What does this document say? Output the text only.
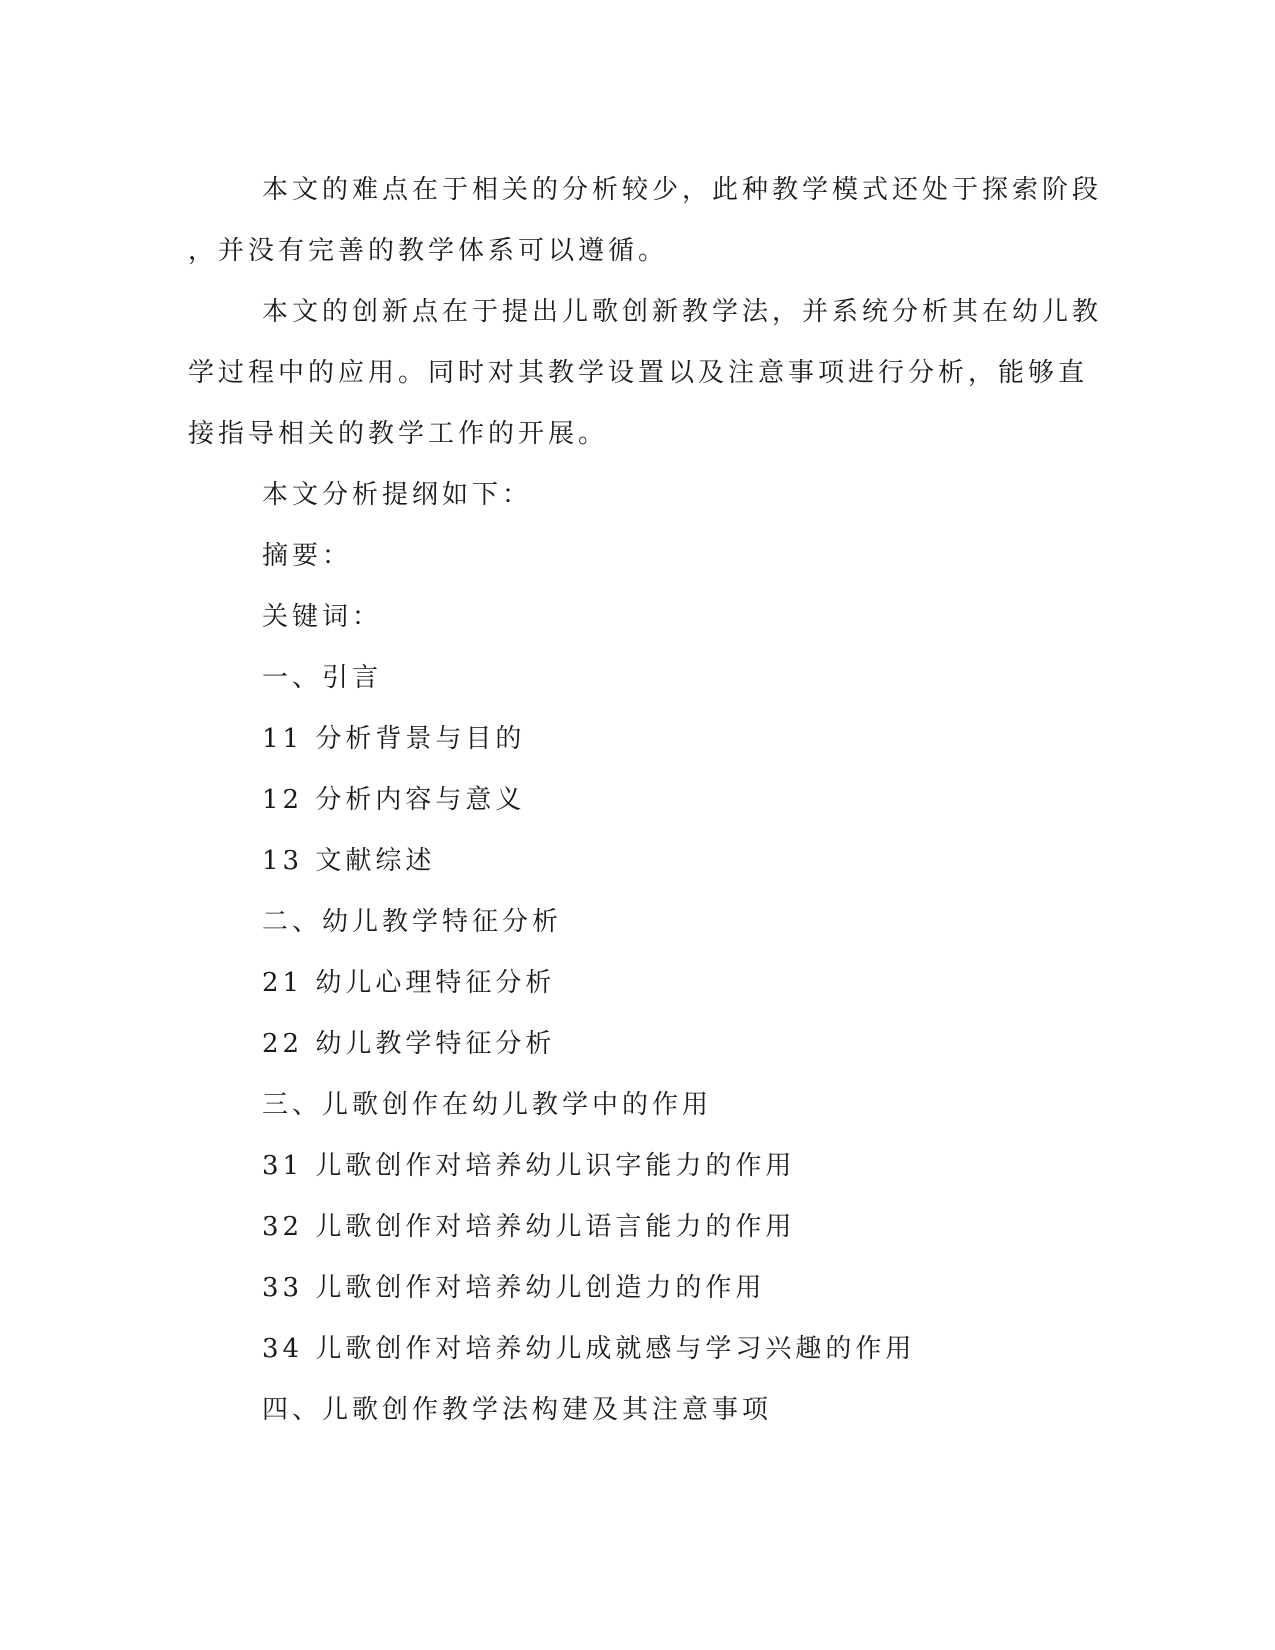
本文的难点在于相关的分析较少，此种教学模式还处于探索阶段
，并没有完善的教学体系可以遵循。
本文的创新点在于提出儿歌创新教学法，并系统分析其在幼儿教
学过程中的应用。同时对其教学设置以及注意事项进行分析，能够直
接指导相关的教学工作的开展。
本文分析提纲如下：
摘要：
关键词：
一、引言
11 分析背景与目的
12 分析内容与意义
13 文献综述
二、幼儿教学特征分析
21 幼儿心理特征分析
22 幼儿教学特征分析
三、儿歌创作在幼儿教学中的作用
31 儿歌创作对培养幼儿识字能力的作用
32 儿歌创作对培养幼儿语言能力的作用
33 儿歌创作对培养幼儿创造力的作用
34 儿歌创作对培养幼儿成就感与学习兴趣的作用
四、儿歌创作教学法构建及其注意事项
